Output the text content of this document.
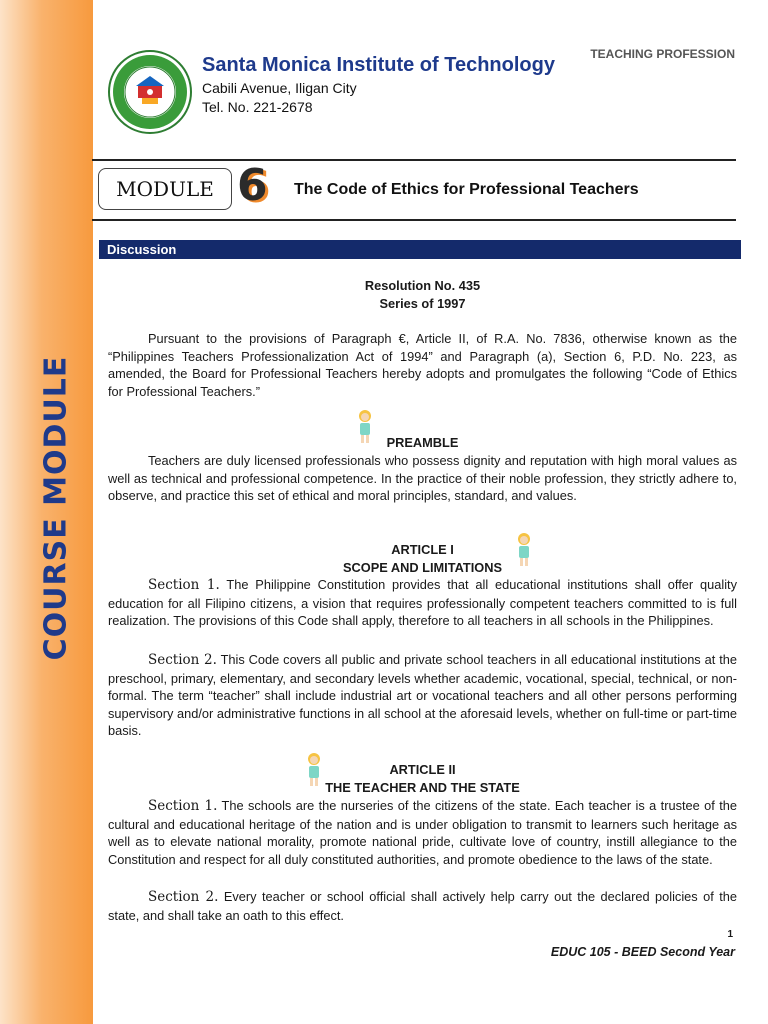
COURSE MODULE
Santa Monica Institute of Technology
Cabili Avenue, Iligan City
Tel. No. 221-2678
TEACHING PROFESSION
MODULE 6 The Code of Ethics for Professional Teachers
Discussion
Resolution No. 435
Series of 1997
Pursuant to the provisions of Paragraph €, Article II, of R.A. No. 7836, otherwise known as the “Philippines Teachers Professionalization Act of 1994” and Paragraph (a), Section 6, P.D. No. 223, as amended, the Board for Professional Teachers hereby adopts and promulgates the following “Code of Ethics for Professional Teachers.”
PREAMBLE
Teachers are duly licensed professionals who possess dignity and reputation with high moral values as well as technical and professional competence. In the practice of their noble profession, they strictly adhere to, observe, and practice this set of ethical and moral principles, standard, and values.
ARTICLE I
SCOPE AND LIMITATIONS
Section 1. The Philippine Constitution provides that all educational institutions shall offer quality education for all Filipino citizens, a vision that requires professionally competent teachers committed to is full realization. The provisions of this Code shall apply, therefore to all teachers in all schools in the Philippines.
Section 2. This Code covers all public and private school teachers in all educational institutions at the preschool, primary, elementary, and secondary levels whether academic, vocational, special, technical, or non-formal. The term “teacher” shall include industrial art or vocational teachers and all other persons performing supervisory and/or administrative functions in all school at the aforesaid levels, whether on full-time or part-time basis.
ARTICLE II
THE TEACHER AND THE STATE
Section 1. The schools are the nurseries of the citizens of the state. Each teacher is a trustee of the cultural and educational heritage of the nation and is under obligation to transmit to learners such heritage as well as to elevate national morality, promote national pride, cultivate love of country, instill allegiance to the Constitution and respect for all duly constituted authorities, and promote obedience to the laws of the state.
Section 2. Every teacher or school official shall actively help carry out the declared policies of the state, and shall take an oath to this effect.
1
EDUC 105 - BEED Second Year
